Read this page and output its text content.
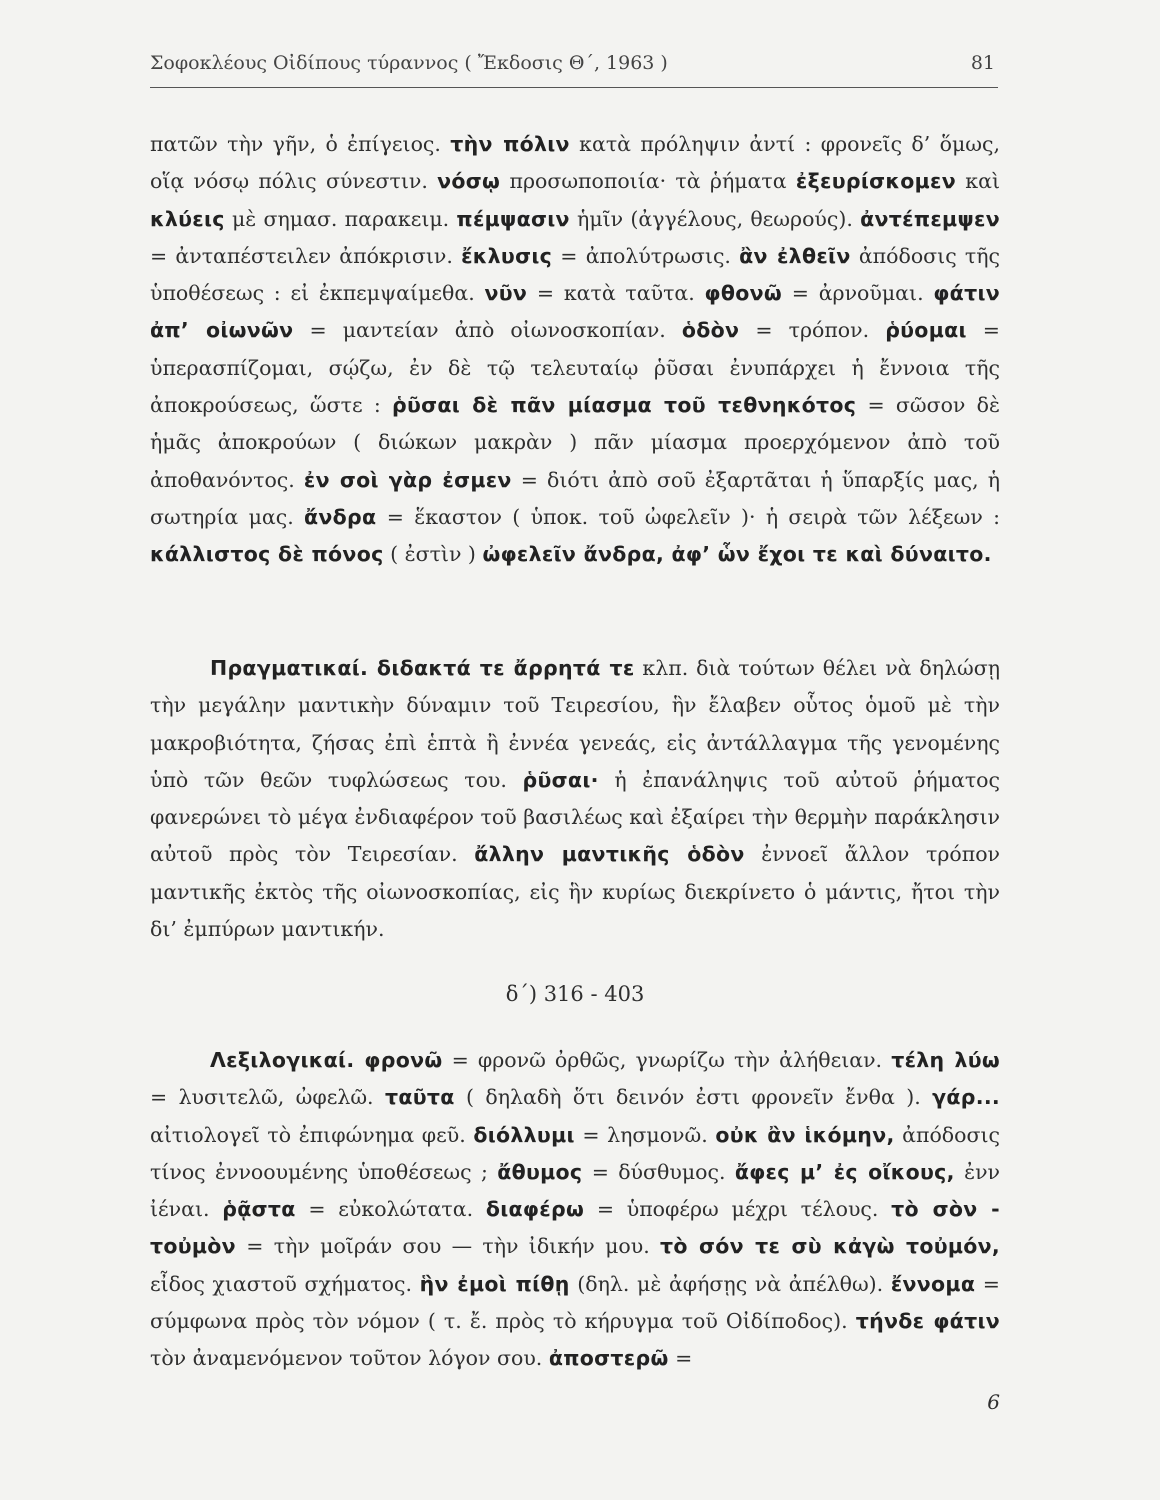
Σοφοκλέους Οἰδίπους τύραννος ( Ἔκδοσις Θ΄, 1963 )	81

πατῶν τὴν γῆν, ὁ ἐπίγειος. τὴν πόλιν κατὰ πρόληψιν ἀντί : φρονεῖς δ’ ὅμως, οἵᾳ νόσῳ πόλις σύνεστιν. νόσῳ προσωποποιία· τὰ ῥήματα ἐξευρίσκομεν καὶ κλύεις μὲ σημασ. παρακειμ. πέμψασιν ἡμῖν (ἀγγέλους, θεωρούς). ἀντέπεμψεν = ἀνταπέστειλεν ἀπόκρισιν. ἔκλυσις = ἀπολύτρωσις. ἂν ἐλθεῖν ἀπόδοσις τῆς ὑποθέσεως : εἰ ἐκπεμψαίμεθα. νῦν = κατὰ ταῦτα. φθονῶ = ἀρνοῦμαι. φάτιν ἀπ’ οἰωνῶν = μαντείαν ἀπὸ οἰωνοσκοπίαν. ὁδὸν = τρόπον. ῥύομαι = ὑπερασπίζομαι, σῴζω, ἐν δὲ τῷ τελευταίῳ ῥῦσαι ἐνυπάρχει ἡ ἔννοια τῆς ἀποκρούσεως, ὥστε : ῥῦσαι δὲ πᾶν μίασμα τοῦ τεθνηκότος = σῶσον δὲ ἡμᾶς ἀποκρούων ( διώκων μακρὰν ) πᾶν μίασμα προερχόμενον ἀπὸ τοῦ ἀποθανόντος. ἐν σοὶ γὰρ ἐσμεν = διότι ἀπὸ σοῦ ἐξαρτᾶται ἡ ὕπαρξίς μας, ἡ σωτηρία μας. ἄνδρα = ἕκαστον ( ὑποκ. τοῦ ὠφελεῖν )· ἡ σειρὰ τῶν λέξεων : κάλλιστος δὲ πόνος ( ἐστὶν ) ὠφελεῖν ἄνδρα, ἀφ’ ὧν ἔχοι τε καὶ δύναιτο.

Πραγματικαί. διδακτά τε ἄρρητά τε κλπ. διὰ τούτων θέλει νὰ δηλώσῃ τὴν μεγάλην μαντικὴν δύναμιν τοῦ Τειρεσίου, ἣν ἔλαβεν οὗτος ὁμοῦ μὲ τὴν μακροβιότητα, ζήσας ἐπὶ ἑπτὰ ἢ ἐννέα γενεάς, εἰς ἀντάλλαγμα τῆς γενομένης ὑπὸ τῶν θεῶν τυφλώσεως του. ῥῦσαι· ἡ ἐπανάληψις τοῦ αὐτοῦ ῥήματος φανερώνει τὸ μέγα ἐνδιαφέρον τοῦ βασιλέως καὶ ἐξαίρει τὴν θερμὴν παράκλησιν αὐτοῦ πρὸς τὸν Τειρεσίαν. ἄλλην μαντικῆς ὁδὸν ἐννοεῖ ἄλλον τρόπον μαντικῆς ἐκτὸς τῆς οἰωνοσκοπίας, εἰς ἣν κυρίως διεκρίνετο ὁ μάντις, ἤτοι τὴν δι’ ἐμπύρων μαντικήν.

δ΄) 316 - 403

Λεξιλογικαί. φρονῶ = φρονῶ ὀρθῶς, γνωρίζω τὴν ἀλήθειαν. τέλη λύω = λυσιτελῶ, ὠφελῶ. ταῦτα ( δηλαδὴ ὅτι δεινόν ἐστι φρονεῖν ἔνθα ). γάρ... αἰτιολογεῖ τὸ ἐπιφώνημα φεῦ. διόλλυμι = λησμονῶ. οὐκ ἂν ἱκόμην, ἀπόδοσις τίνος ἐννοουμένης ὑποθέσεως ; ἄθυμος = δύσθυμος. ἄφες μ’ ἐς οἴκους, ἐνν ἰέναι. ῥᾷστα = εὐκολώτατα. διαφέρω = ὑποφέρω μέχρι τέλους. τὸ σὸν - τοὐμὸν = τὴν μοῖράν σου — τὴν ἰδικήν μου. τὸ σόν τε σὺ κἀγὼ τοὐμόν, εἶδος χιαστοῦ σχήματος. ἣν ἐμοὶ πίθῃ (δηλ. μὲ ἀφήσῃς νὰ ἀπέλθω). ἔννομα = σύμφωνα πρὸς τὸν νόμον ( τ. ἔ. πρὸς τὸ κήρυγμα τοῦ Οἰδίποδος). τήνδε φάτιν τὸν ἀναμενόμενον τοῦτον λόγον σου. ἀποστερῶ =

6
